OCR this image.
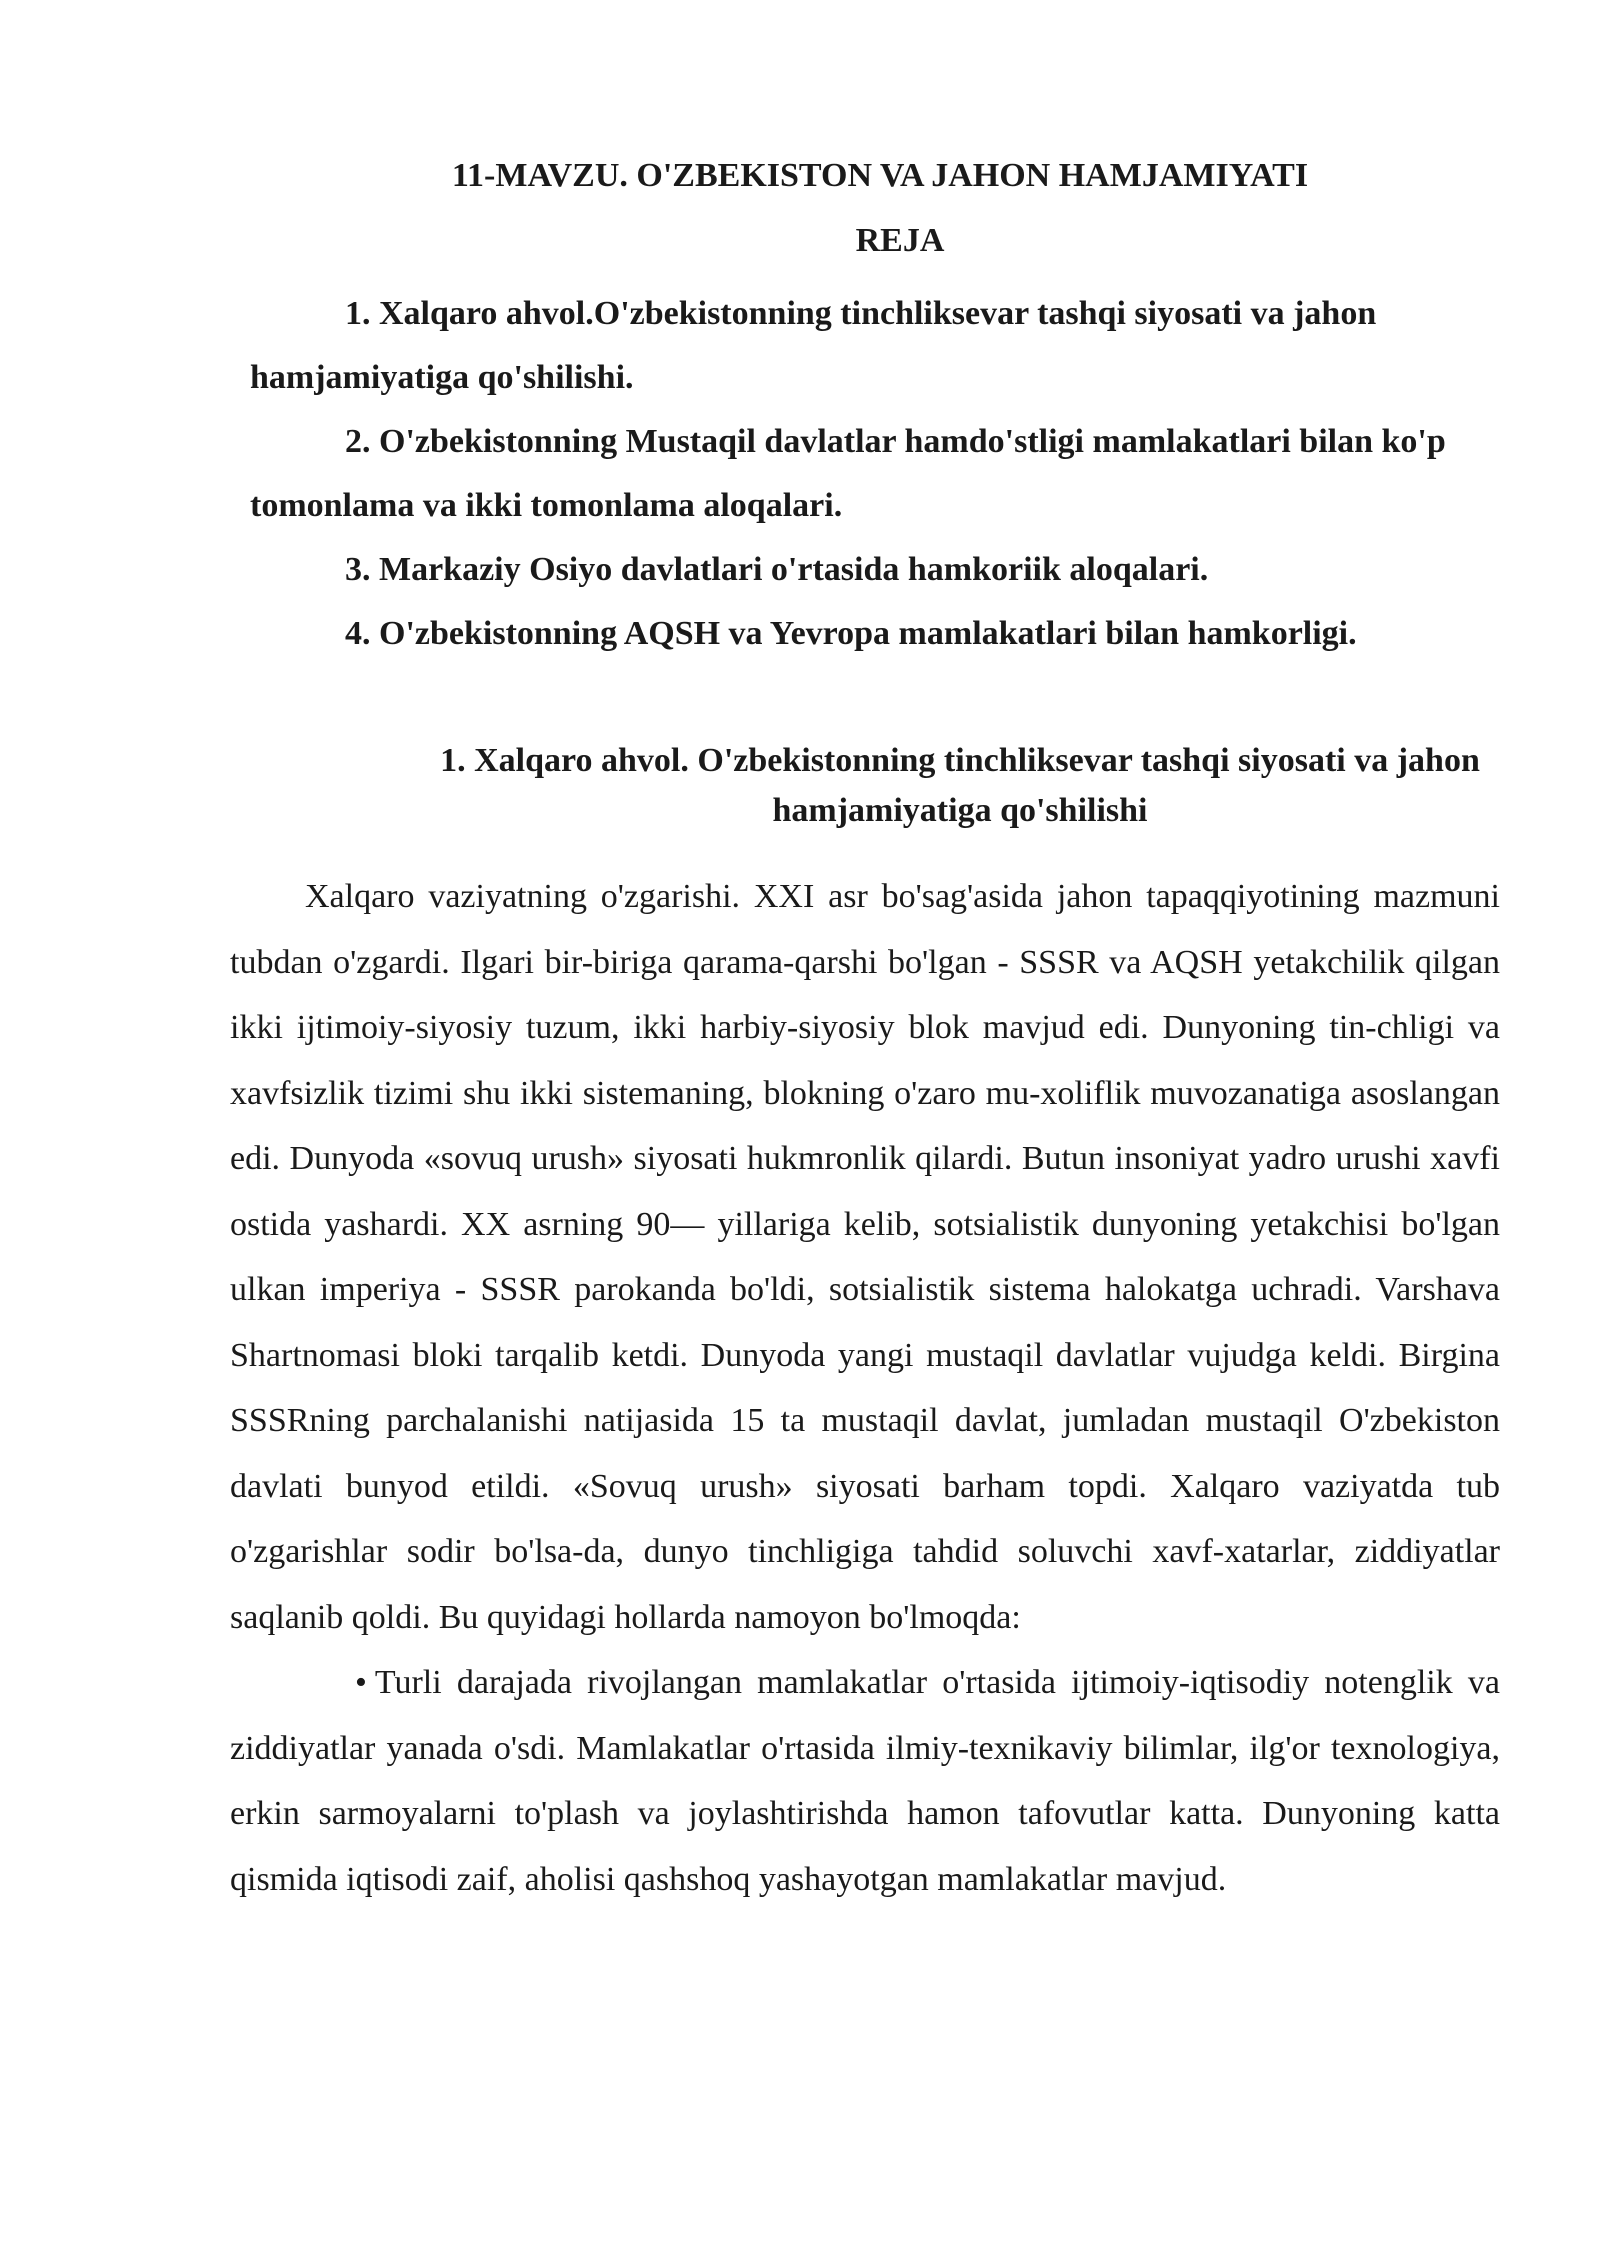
11-MAVZU. O'ZBEKISTON VA JAHON HAMJAMIYATI
REJA

1. Xalqaro ahvol.O'zbekistonning tinchliksevar tashqi siyosati va jahon hamjamiyatiga qo'shilishi.

2. O'zbekistonning Mustaqil davlatlar hamdo'stligi mamlakatlari bilan ko'p tomonlama va ikki tomonlama aloqalari.

3. Markaziy Osiyo davlatlari o'rtasida hamkoriik aloqalari.

4. O'zbekistonning AQSH va Yevropa mamlakatlari bilan hamkorligi.

1. Xalqaro ahvol. O'zbekistonning tinchliksevar tashqi siyosati va jahon hamjamiyatiga qo'shilishi

Xalqaro vaziyatning o'zgarishi. XXI asr bo'sag'asida jahon tapaqqiyotining mazmuni tubdan o'zgardi. Ilgari bir-biriga qarama-qarshi bo'lgan - SSSR va AQSH yetakchilik qilgan ikki ijtimoiy-siyosiy tuzum, ikki harbiy-siyosiy blok mavjud edi. Dunyoning tin-chligi va xavfsizlik tizimi shu ikki sistemaning, blokning o'zaro mu-xoliflik muvozanatiga asoslangan edi. Dunyoda «sovuq urush» siyosati hukmronlik qilardi. Butun insoniyat yadro urushi xavfi ostida yashardi. XX asrning 90— yillariga kelib, sotsialistik dunyoning yetakchisi bo'lgan ulkan imperiya - SSSR parokanda bo'ldi, sotsialistik sistema halokatga uchradi. Varshava Shartnomasi bloki tarqalib ketdi. Dunyoda yangi mustaqil davlatlar vujudga keldi. Birgina SSSRning parchalanishi natijasida 15 ta mustaqil davlat, jumladan mustaqil O'zbekiston davlati bunyod etildi. «Sovuq urush» siyosati barham topdi. Xalqaro vaziyatda tub o'zgarishlar sodir bo'lsa-da, dunyo tinchligiga tahdid soluvchi xavf-xatarlar, ziddiyatlar saqlanib qoldi. Bu quyidagi hollarda namoyon bo'lmoqda:

• Turli darajada rivojlangan mamlakatlar o'rtasida ijtimoiy-iqtisodiy notenglik va ziddiyatlar yanada o'sdi. Mamlakatlar o'rtasida ilmiy-texnikaviy bilimlar, ilg'or texnologiya, erkin sarmoyalarni to'plash va joylashtirishda hamon tafovutlar katta. Dunyoning katta qismida iqtisodi zaif, aholisi qashshoq yashayotgan mamlakatlar mavjud.
